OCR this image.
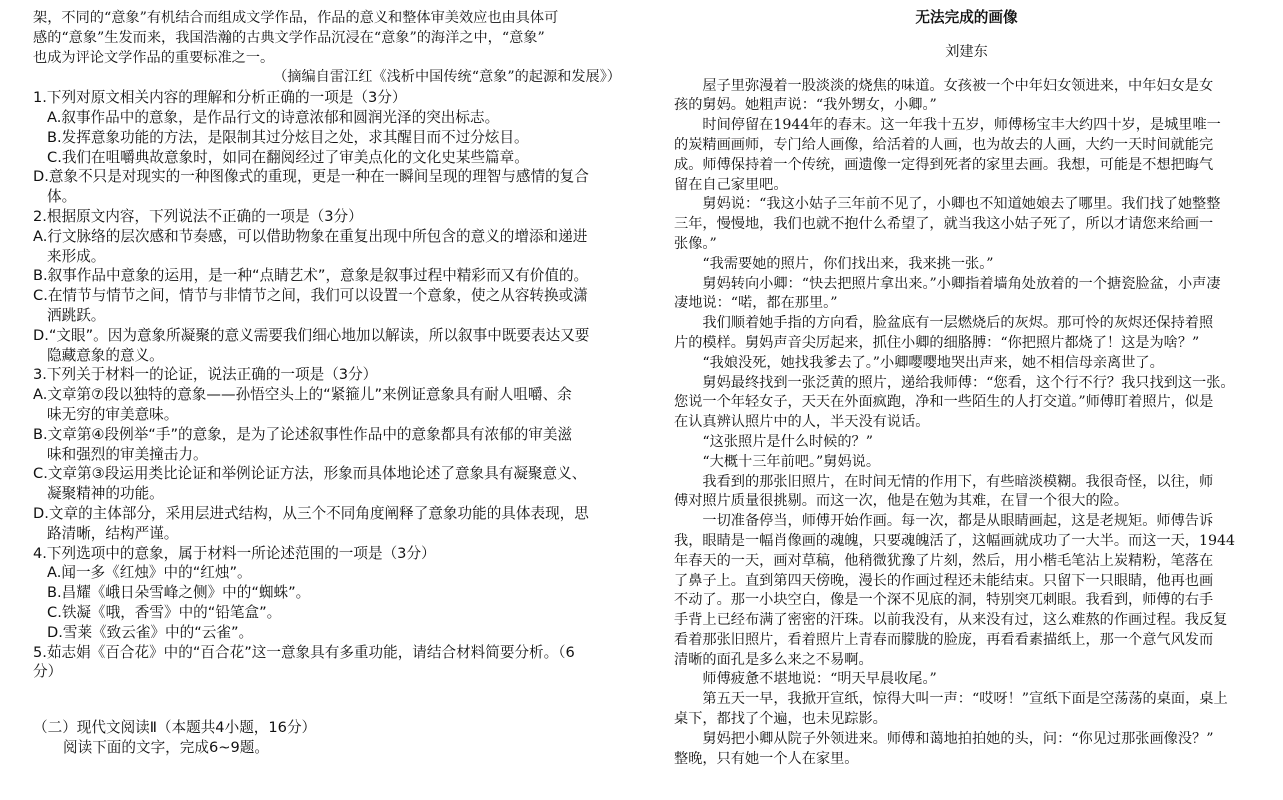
架，不同的“意象”有机结合而组成文学作品，作品的意义和整体审美效应也由具体可

感的“意象”生发而来，我国浩瀚的古典文学作品沉浸在“意象”的海洋之中，“意象”

也成为评论文学作品的重要标准之一。

（摘编自雷江红《浅析中国传统“意象”的起源和发展》）

1.下列对原文相关内容的理解和分析正确的一项是（3分）

A.叙事作品中的意象，是作品行文的诗意浓郁和圆润光泽的突出标志。

B.发挥意象功能的方法，是限制其过分炫目之处，求其醒目而不过分炫目。

C.我们在咀嚼典故意象时，如同在翻阅经过了审美点化的文化史某些篇章。

D.意象不只是对现实的一种图像式的重现，更是一种在一瞬间呈现的理智与感情的复合

体。

2.根据原文内容，下列说法不正确的一项是（3分）

A.行文脉络的层次感和节奏感，可以借助物象在重复出现中所包含的意义的增添和递进

来形成。

B.叙事作品中意象的运用，是一种“点睛艺术”，意象是叙事过程中精彩而又有价值的。

C.在情节与情节之间，情节与非情节之间，我们可以设置一个意象，使之从容转换或潇

洒跳跃。

D.“文眼”。因为意象所凝聚的意义需要我们细心地加以解读，所以叙事中既要表达又要

隐藏意象的意义。

3.下列关于材料一的论证，说法正确的一项是（3分）

A.文章第⑦段以独特的意象——孙悟空头上的“紧箍儿”来例证意象具有耐人咀嚼、余

味无穷的审美意味。

B.文章第④段例举“手”的意象，是为了论述叙事性作品中的意象都具有浓郁的审美滋

味和强烈的审美撞击力。

C.文章第③段运用类比论证和举例论证方法，形象而具体地论述了意象具有凝聚意义、

凝聚精神的功能。

D.文章的主体部分，采用层进式结构，从三个不同角度阐释了意象功能的具体表现，思

路清晰，结构严谨。

4.下列选项中的意象，属于材料一所论述范围的一项是（3分）

A.闻一多《红烛》中的“红烛”。

B.昌耀《峨日朵雪峰之侧》中的“蜘蛛”。

C.铁凝《哦，香雪》中的“铅笔盒”。

D.雪莱《致云雀》中的“云雀”。

5.茹志娟《百合花》中的“百合花”这一意象具有多重功能，请结合材料简要分析。（6

分）

（二）现代文阅读Ⅱ（本题共4小题，16分）

阅读下面的文字，完成6~9题。

无法完成的画像

刘建东

屋子里弥漫着一股淡淡的烧焦的味道。女孩被一个中年妇女领进来，中年妇女是女

孩的舅妈。她粗声说：“我外甥女，小卿。”

时间停留在1944年的春末。这一年我十五岁，师傅杨宝丰大约四十岁，是城里唯一

的炭精画画师，专门给人画像，给活着的人画，也为故去的人画，大约一天时间就能完

成。师傅保持着一个传统，画遗像一定得到死者的家里去画。我想，可能是不想把晦气

留在自己家里吧。

舅妈说：“我这小姑子三年前不见了，小卿也不知道她娘去了哪里。我们找了她整整

三年，慢慢地，我们也就不抱什么希望了，就当我这小姑子死了，所以才请您来给画一

张像。”

“我需要她的照片，你们找出来，我来挑一张。”

舅妈转向小卿：“快去把照片拿出来。”小卿指着墙角处放着的一个搪瓷脸盆，小声凄

凄地说：“喏，都在那里。”

我们顺着她手指的方向看，脸盆底有一层燃烧后的灰烬。那可怜的灰烬还保持着照

片的模样。舅妈声音尖厉起来，抓住小卿的细胳膊：“你把照片都烧了！这是为啥？”

“我娘没死，她找我爹去了。”小卿嘤嘤地哭出声来，她不相信母亲离世了。

舅妈最终找到一张泛黄的照片，递给我师傅：“您看，这个行不行？我只找到这一张。

您说一个年轻女子，天天在外面疯跑，净和一些陌生的人打交道。”师傅盯着照片，似是

在认真辨认照片中的人，半天没有说话。

“这张照片是什么时候的？”

“大概十三年前吧。”舅妈说。

我看到的那张旧照片，在时间无情的作用下，有些暗淡模糊。我很奇怪，以往，师

傅对照片质量很挑剔。而这一次，他是在勉为其难，在冒一个很大的险。

一切准备停当，师傅开始作画。每一次，都是从眼睛画起，这是老规矩。师傅告诉

我，眼睛是一幅肖像画的魂魄，只要魂魄活了，这幅画就成功了一大半。而这一天，1944

年春天的一天，画对草稿，他稍微犹豫了片刻，然后，用小楷毛笔沾上炭精粉，笔落在

了鼻子上。直到第四天傍晚，漫长的作画过程还未能结束。只留下一只眼睛，他再也画

不动了。那一小块空白，像是一个深不见底的洞，特别突兀刺眼。我看到，师傅的右手

手背上已经布满了密密的汗珠。以前我没有，从来没有过，这么难熬的作画过程。我反复

看着那张旧照片，看着照片上青春而朦胧的脸庞，再看看素描纸上，那一个意气风发而

清晰的面孔是多么来之不易啊。

师傅疲惫不堪地说：“明天早晨收尾。”

第五天一早，我掀开宣纸，惊得大叫一声：“哎呀！”宣纸下面是空荡荡的桌面，桌上

桌下，都找了个遍，也未见踪影。

舅妈把小卿从院子外领进来。师傅和蔼地拍拍她的头，问：“你见过那张画像没？”

整晚，只有她一个人在家里。
